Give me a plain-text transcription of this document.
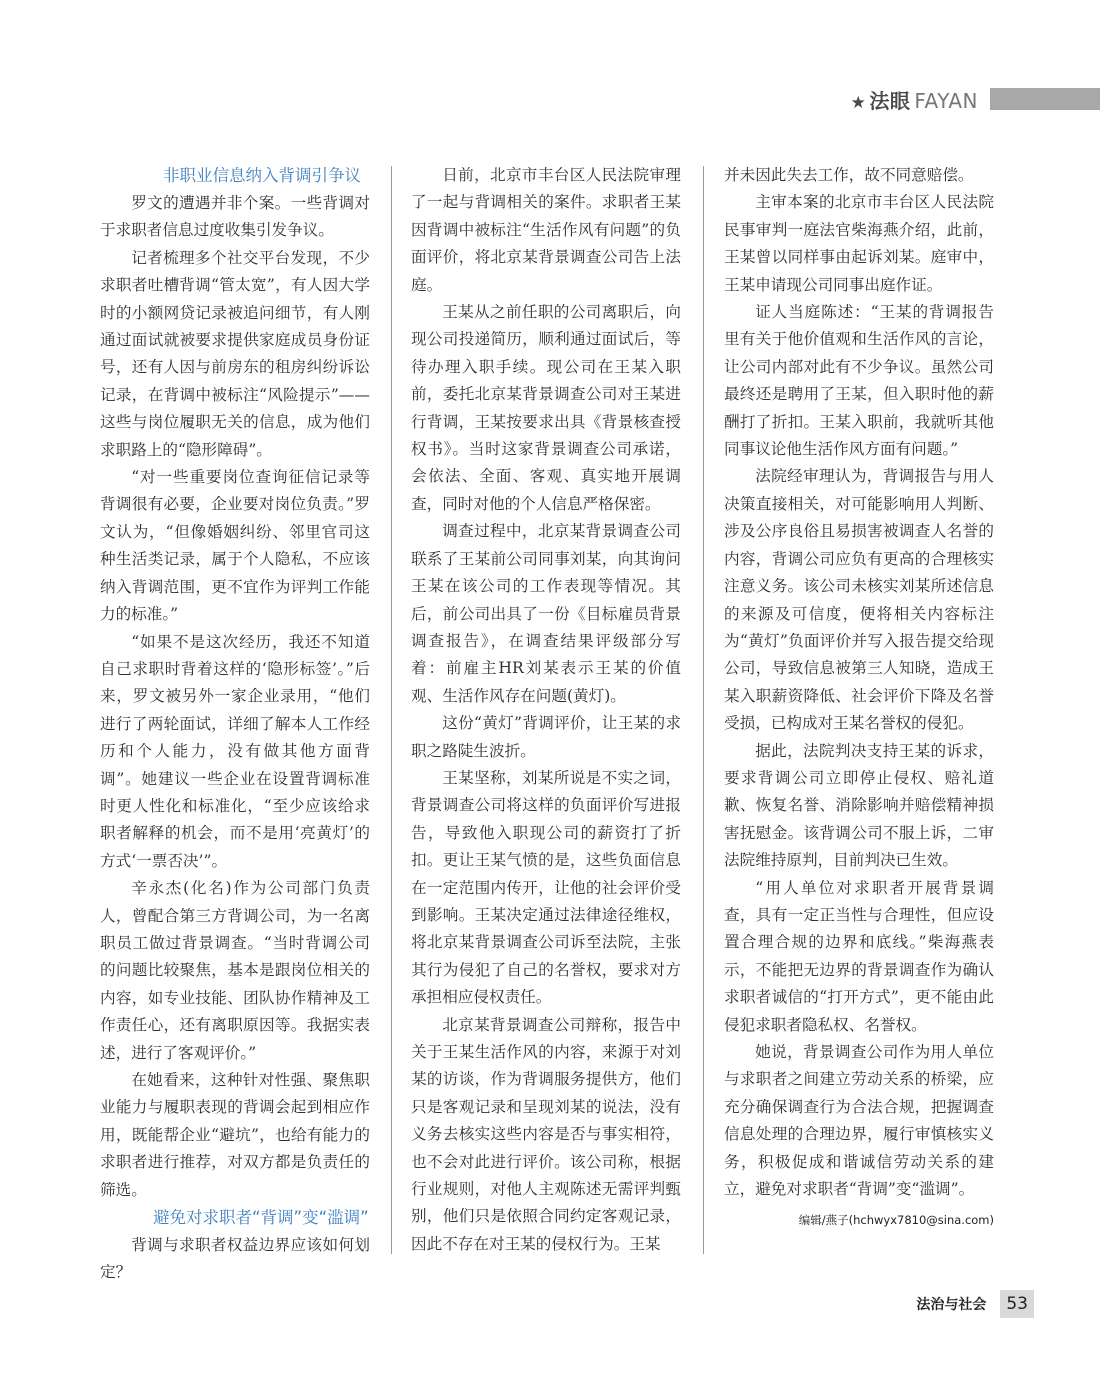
★ 法眼 FAYAN

非职业信息纳入背调引争议

罗文的遭遇并非个案。一些背调对于求职者信息过度收集引发争议。

记者梳理多个社交平台发现，不少求职者吐槽背调“管太宽”，有人因大学时的小额网贷记录被追问细节，有人刚通过面试就被要求提供家庭成员身份证号，还有人因与前房东的租房纠纷诉讼记录，在背调中被标注“风险提示”——这些与岗位履职无关的信息，成为他们求职路上的“隐形障碍”。

“对一些重要岗位查询征信记录等背调很有必要，企业要对岗位负责。”罗文认为，“但像婚姻纠纷、邻里官司这种生活类记录，属于个人隐私，不应该纳入背调范围，更不宜作为评判工作能力的标准。”

“如果不是这次经历，我还不知道自己求职时背着这样的‘隐形标签’。”后来，罗文被另外一家企业录用，“他们进行了两轮面试，详细了解本人工作经历和个人能力，没有做其他方面背调”。她建议一些企业在设置背调标准时更人性化和标准化，“至少应该给求职者解释的机会，而不是用‘亮黄灯’的方式‘一票否决’”。

辛永杰(化名)作为公司部门负责人，曾配合第三方背调公司，为一名离职员工做过背景调查。“当时背调公司的问题比较聚焦，基本是跟岗位相关的内容，如专业技能、团队协作精神及工作责任心，还有离职原因等。我据实表述，进行了客观评价。”

在她看来，这种针对性强、聚焦职业能力与履职表现的背调会起到相应作用，既能帮企业“避坑”，也给有能力的求职者进行推荐，对双方都是负责任的筛选。

避免对求职者“背调”变“滥调”

背调与求职者权益边界应该如何划定？

日前，北京市丰台区人民法院审理了一起与背调相关的案件。求职者王某因背调中被标注“生活作风有问题”的负面评价，将北京某背景调查公司告上法庭。

王某从之前任职的公司离职后，向现公司投递简历，顺利通过面试后，等待办理入职手续。现公司在王某入职前，委托北京某背景调查公司对王某进行背调，王某按要求出具《背景核查授权书》。当时这家背景调查公司承诺，会依法、全面、客观、真实地开展调查，同时对他的个人信息严格保密。

调查过程中，北京某背景调查公司联系了王某前公司同事刘某，向其询问王某在该公司的工作表现等情况。其后，前公司出具了一份《目标雇员背景调查报告》，在调查结果评级部分写着：前雇主HR刘某表示王某的价值观、生活作风存在问题(黄灯)。

这份“黄灯”背调评价，让王某的求职之路陡生波折。

王某坚称，刘某所说是不实之词，背景调查公司将这样的负面评价写进报告，导致他入职现公司的薪资打了折扣。更让王某气愤的是，这些负面信息在一定范围内传开，让他的社会评价受到影响。王某决定通过法律途径维权，将北京某背景调查公司诉至法院，主张其行为侵犯了自己的名誉权，要求对方承担相应侵权责任。

北京某背景调查公司辩称，报告中关于王某生活作风的内容，来源于对刘某的访谈，作为背调服务提供方，他们只是客观记录和呈现刘某的说法，没有义务去核实这些内容是否与事实相符，也不会对此进行评价。该公司称，根据行业规则，对他人主观陈述无需评判甄别，他们只是依照合同约定客观记录，因此不存在对王某的侵权行为。王某

并未因此失去工作，故不同意赔偿。

主审本案的北京市丰台区人民法院民事审判一庭法官柴海燕介绍，此前，王某曾以同样事由起诉刘某。庭审中，王某申请现公司同事出庭作证。

证人当庭陈述：“王某的背调报告里有关于他价值观和生活作风的言论，让公司内部对此有不少争议。虽然公司最终还是聘用了王某，但入职时他的薪酬打了折扣。王某入职前，我就听其他同事议论他生活作风方面有问题。”

法院经审理认为，背调报告与用人决策直接相关，对可能影响用人判断、涉及公序良俗且易损害被调查人名誉的内容，背调公司应负有更高的合理核实注意义务。该公司未核实刘某所述信息的来源及可信度，便将相关内容标注为“黄灯”负面评价并写入报告提交给现公司，导致信息被第三人知晓，造成王某入职薪资降低、社会评价下降及名誉受损，已构成对王某名誉权的侵犯。

据此，法院判决支持王某的诉求，要求背调公司立即停止侵权、赔礼道歉、恢复名誉、消除影响并赔偿精神损害抚慰金。该背调公司不服上诉，二审法院维持原判，目前判决已生效。

“用人单位对求职者开展背景调查，具有一定正当性与合理性，但应设置合理合规的边界和底线。”柴海燕表示，不能把无边界的背景调查作为确认求职者诚信的“打开方式”，更不能由此侵犯求职者隐私权、名誉权。

她说，背景调查公司作为用人单位与求职者之间建立劳动关系的桥梁，应充分确保调查行为合法合规，把握调查信息处理的合理边界，履行审慎核实义务，积极促成和谐诚信劳动关系的建立，避免对求职者“背调”变“滥调”。

编辑/燕子(hchwyx7810@sina.com)
法治与社会	53
